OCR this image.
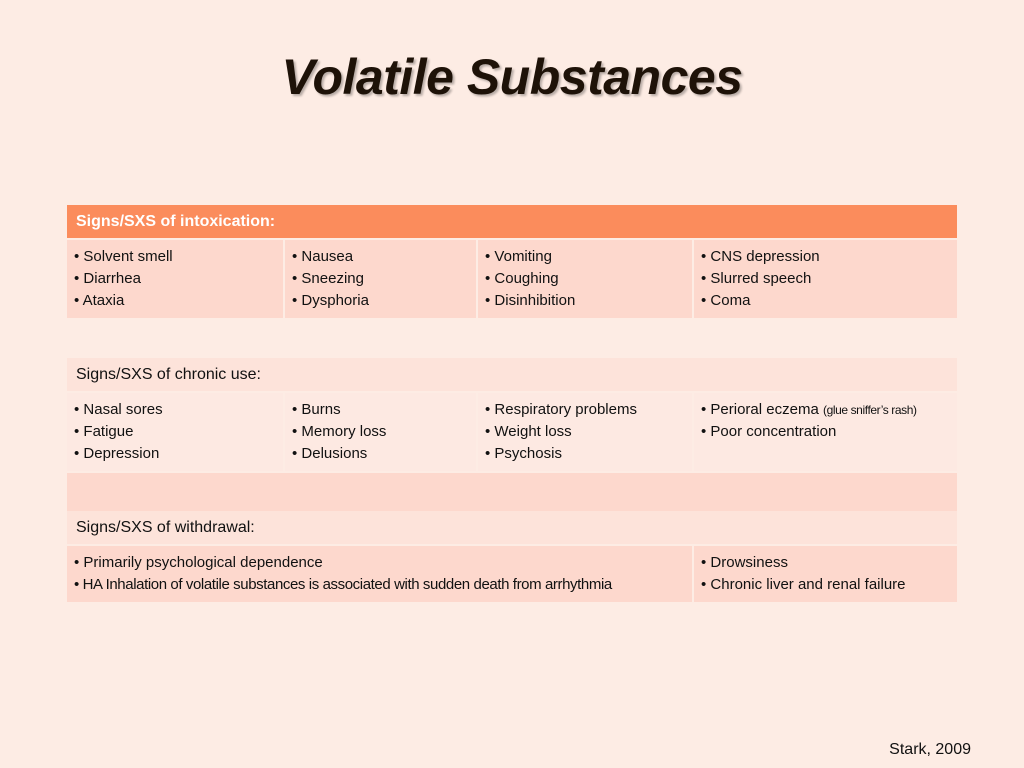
Volatile Substances
Signs/SXS of intoxication:
• Solvent smell
• Diarrhea
• Ataxia
• Nausea
• Sneezing
• Dysphoria
• Vomiting
• Coughing
• Disinhibition
• CNS depression
• Slurred speech
• Coma
Signs/SXS of chronic use:
• Nasal sores
• Fatigue
• Depression
• Burns
• Memory loss
• Delusions
• Respiratory problems
• Weight loss
• Psychosis
• Perioral eczema (glue sniffer’s rash)
• Poor concentration
Signs/SXS of withdrawal:
• Primarily psychological dependence
• HA Inhalation of volatile substances is associated with sudden death from arrhythmia
• Drowsiness
• Chronic liver and renal failure
Stark, 2009
